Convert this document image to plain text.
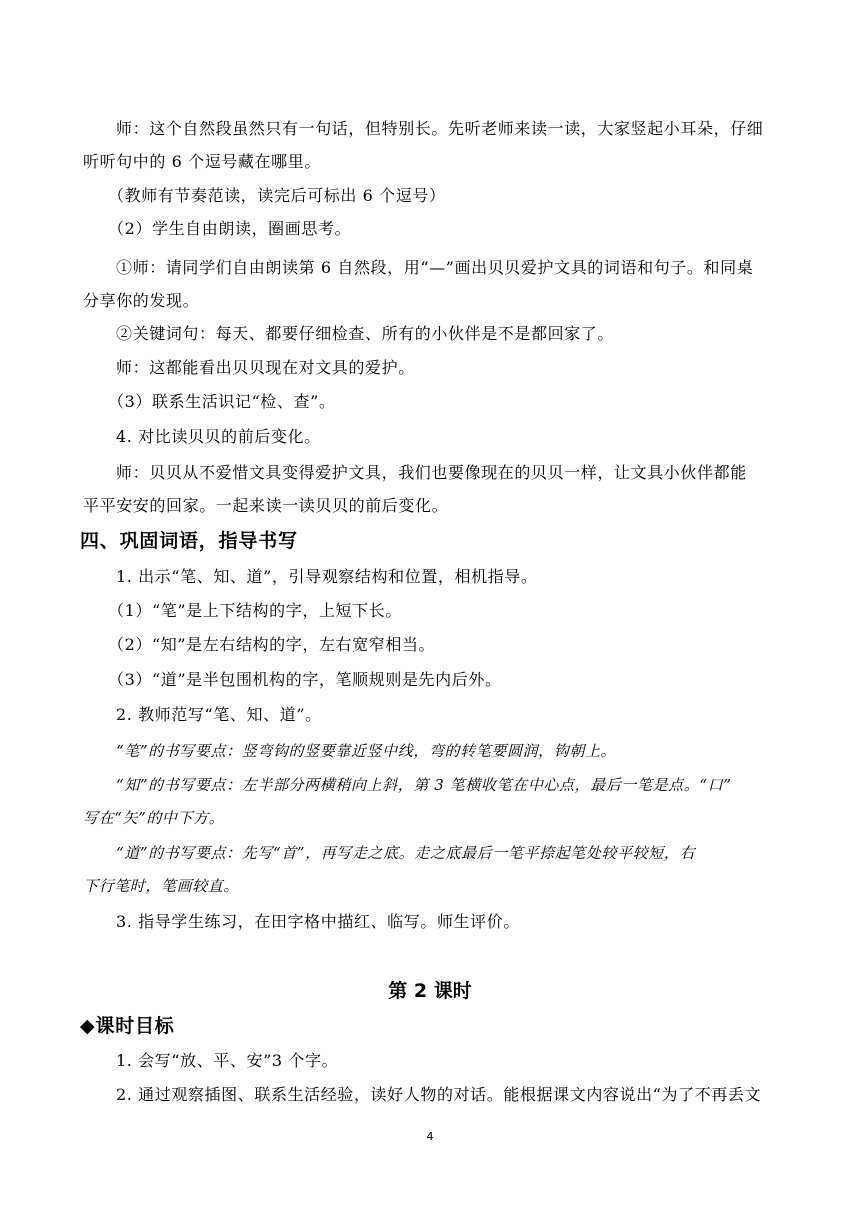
师：这个自然段虽然只有一句话，但特别长。先听老师来读一读，大家竖起小耳朵，仔细
听听句中的 6 个逗号藏在哪里。
（教师有节奏范读，读完后可标出 6 个逗号）
（2）学生自由朗读，圈画思考。
①师：请同学们自由朗读第 6 自然段，用“—”画出贝贝爱护文具的词语和句子。和同桌
分享你的发现。
②关键词句：每天、都要仔细检查、所有的小伙伴是不是都回家了。
师：这都能看出贝贝现在对文具的爱护。
（3）联系生活识记“检、查”。
4. 对比读贝贝的前后变化。
师：贝贝从不爱惜文具变得爱护文具，我们也要像现在的贝贝一样，让文具小伙伴都能
平平安安的回家。一起来读一读贝贝的前后变化。
四、巩固词语，指导书写
1. 出示“笔、知、道”，引导观察结构和位置，相机指导。
（1）“笔”是上下结构的字，上短下长。
（2）“知”是左右结构的字，左右宽窄相当。
（3）“道”是半包围机构的字，笔顺规则是先内后外。
2. 教师范写“笔、知、道”。
“笔”的书写要点：竖弯钩的竖要靠近竖中线，弯的转笔要圆润，钩朝上。
“知”的书写要点：左半部分两横稍向上斜，第 3 笔横收笔在中心点，最后一笔是点。“口”
写在“矢”的中下方。
“道”的书写要点：先写“首”，再写走之底。走之底最后一笔平捺起笔处较平较短，右
下行笔时，笔画较直。
3. 指导学生练习，在田字格中描红、临写。师生评价。
第 2 课时
◆课时目标
1. 会写“放、平、安”3 个字。
2. 通过观察插图、联系生活经验，读好人物的对话。能根据课文内容说出“为了不再丢文
4
